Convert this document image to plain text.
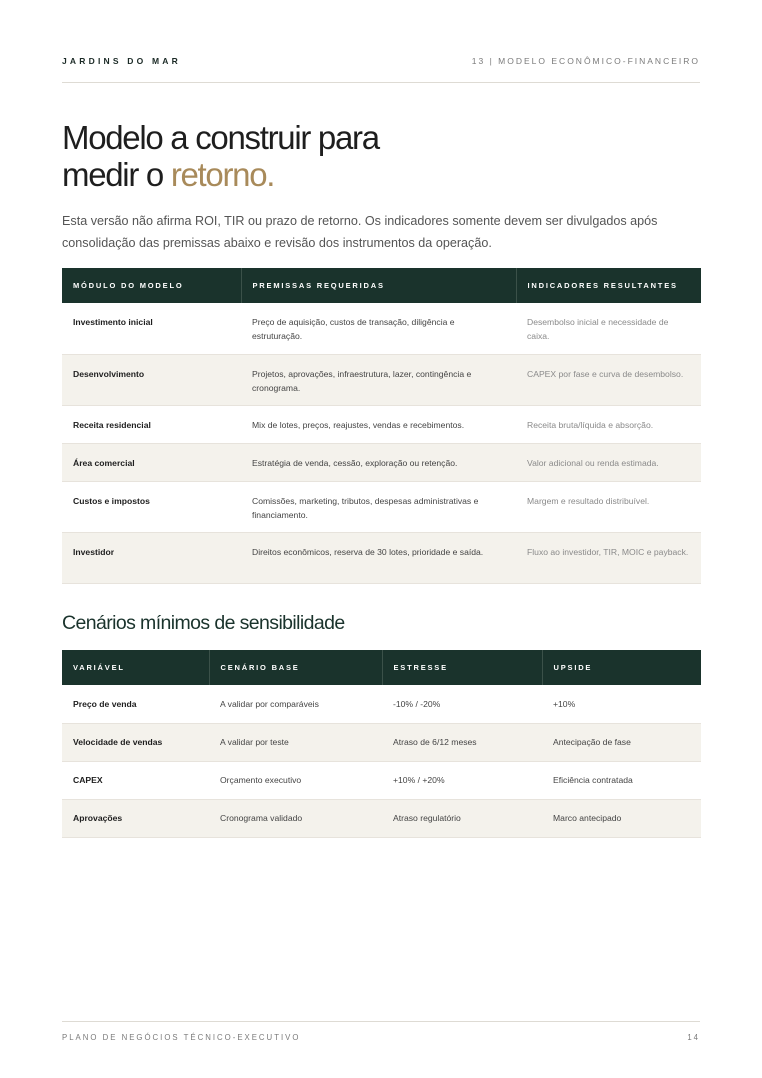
JARDINS DO MAR	13 | MODELO ECONÔMICO-FINANCEIRO
Modelo a construir para
medir o retorno.

Esta versão não afirma ROI, TIR ou prazo de retorno. Os indicadores somente devem ser divulgados após consolidação das premissas abaixo e revisão dos instrumentos da operação.

MÓDULO DO MODELO	PREMISSAS REQUERIDAS	INDICADORES RESULTANTES
Investimento inicial	Preço de aquisição, custos de transação, diligência e estruturação.	Desembolso inicial e necessidade de caixa.
Desenvolvimento	Projetos, aprovações, infraestrutura, lazer, contingência e cronograma.	CAPEX por fase e curva de desembolso.
Receita residencial	Mix de lotes, preços, reajustes, vendas e recebimentos.	Receita bruta/líquida e absorção.
Área comercial	Estratégia de venda, cessão, exploração ou retenção.	Valor adicional ou renda estimada.
Custos e impostos	Comissões, marketing, tributos, despesas administrativas e financiamento.	Margem e resultado distribuível.
Investidor	Direitos econômicos, reserva de 30 lotes, prioridade e saída.	Fluxo ao investidor, TIR, MOIC e payback.
Cenários mínimos de sensibilidade
VARIÁVEL	CENÁRIO BASE	ESTRESSE	UPSIDE
Preço de venda	A validar por comparáveis	-10% / -20%	+10%
Velocidade de vendas	A validar por teste	Atraso de 6/12 meses	Antecipação de fase
CAPEX	Orçamento executivo	+10% / +20%	Eficiência contratada
Aprovações	Cronograma validado	Atraso regulatório	Marco antecipado
PLANO DE NEGÓCIOS TÉCNICO-EXECUTIVO	14
